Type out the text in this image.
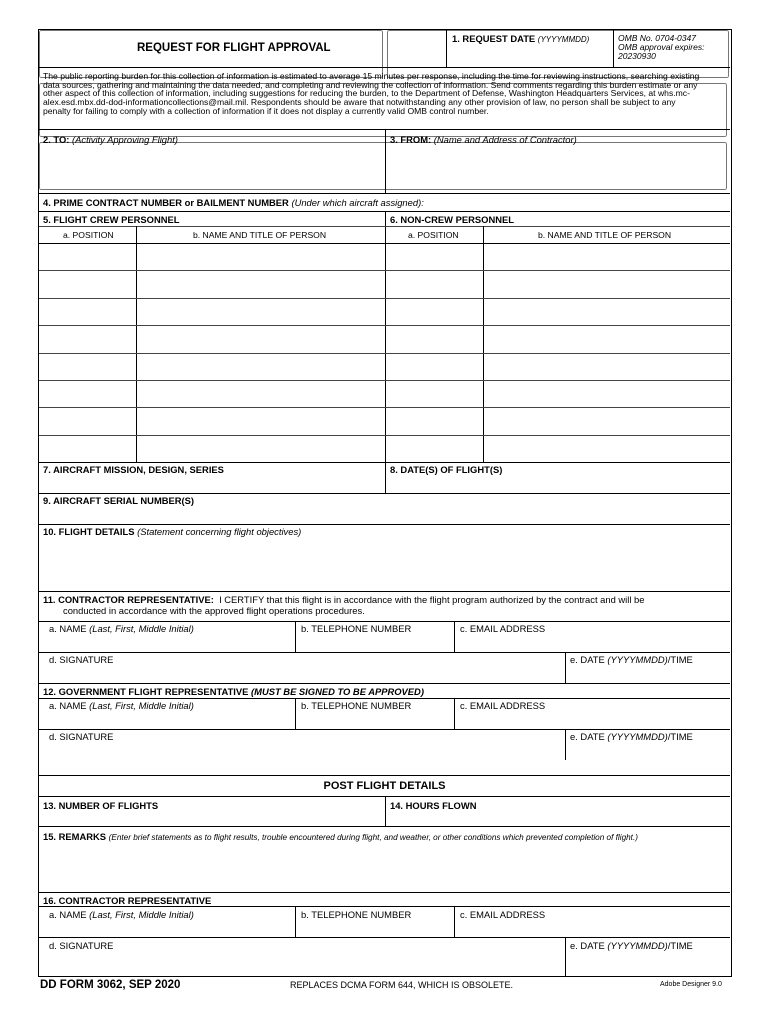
REQUEST FOR FLIGHT APPROVAL
1. REQUEST DATE (YYYYMMDD)	OMB No. 0704-0347
OMB approval expires:
20230930
The public reporting burden for this collection of information is estimated to average 15 minutes per response, including the time for reviewing instructions, searching existing
data sources, gathering and maintaining the data needed, and completing and reviewing the collection of information. Send comments regarding this burden estimate or any
other aspect of this collection of information, including suggestions for reducing the burden, to the Department of Defense, Washington Headquarters Services, at whs.mc-
alex.esd.mbx.dd-dod-informationcollections@mail.mil. Respondents should be aware that notwithstanding any other provision of law, no person shall be subject to any
penalty for failing to comply with a collection of information if it does not display a currently valid OMB control number.
2. TO: (Activity Approving Flight)	3. FROM: (Name and Address of Contractor)

4. PRIME CONTRACT NUMBER or BAILMENT NUMBER (Under which aircraft assigned):
5. FLIGHT CREW PERSONNEL	6. NON-CREW PERSONNEL
a. POSITION	b. NAME AND TITLE OF PERSON	a. POSITION	b. NAME AND TITLE OF PERSON
7. AIRCRAFT MISSION, DESIGN, SERIES	8. DATE(S) OF FLIGHT(S)
9. AIRCRAFT SERIAL NUMBER(S)
10. FLIGHT DETAILS (Statement concerning flight objectives)

11. CONTRACTOR REPRESENTATIVE: I CERTIFY that this flight is in accordance with the flight program authorized by the contract and will be
conducted in accordance with the approved flight operations procedures.
a. NAME (Last, First, Middle Initial)	b. TELEPHONE NUMBER	c. EMAIL ADDRESS
d. SIGNATURE	e. DATE (YYYYMMDD)/TIME
12. GOVERNMENT FLIGHT REPRESENTATIVE (MUST BE SIGNED TO BE APPROVED)
a. NAME (Last, First, Middle Initial)	b. TELEPHONE NUMBER	c. EMAIL ADDRESS
d. SIGNATURE	e. DATE (YYYYMMDD)/TIME
POST FLIGHT DETAILS
13. NUMBER OF FLIGHTS	14. HOURS FLOWN
15. REMARKS (Enter brief statements as to flight results, trouble encountered during flight, and weather, or other conditions which prevented completion of flight.)
16. CONTRACTOR REPRESENTATIVE
a. NAME (Last, First, Middle Initial)	b. TELEPHONE NUMBER	c. EMAIL ADDRESS
d. SIGNATURE	e. DATE (YYYYMMDD)/TIME
DD FORM 3062, SEP 2020	REPLACES DCMA FORM 644, WHICH IS OBSOLETE.	Adobe Designer 9.0
